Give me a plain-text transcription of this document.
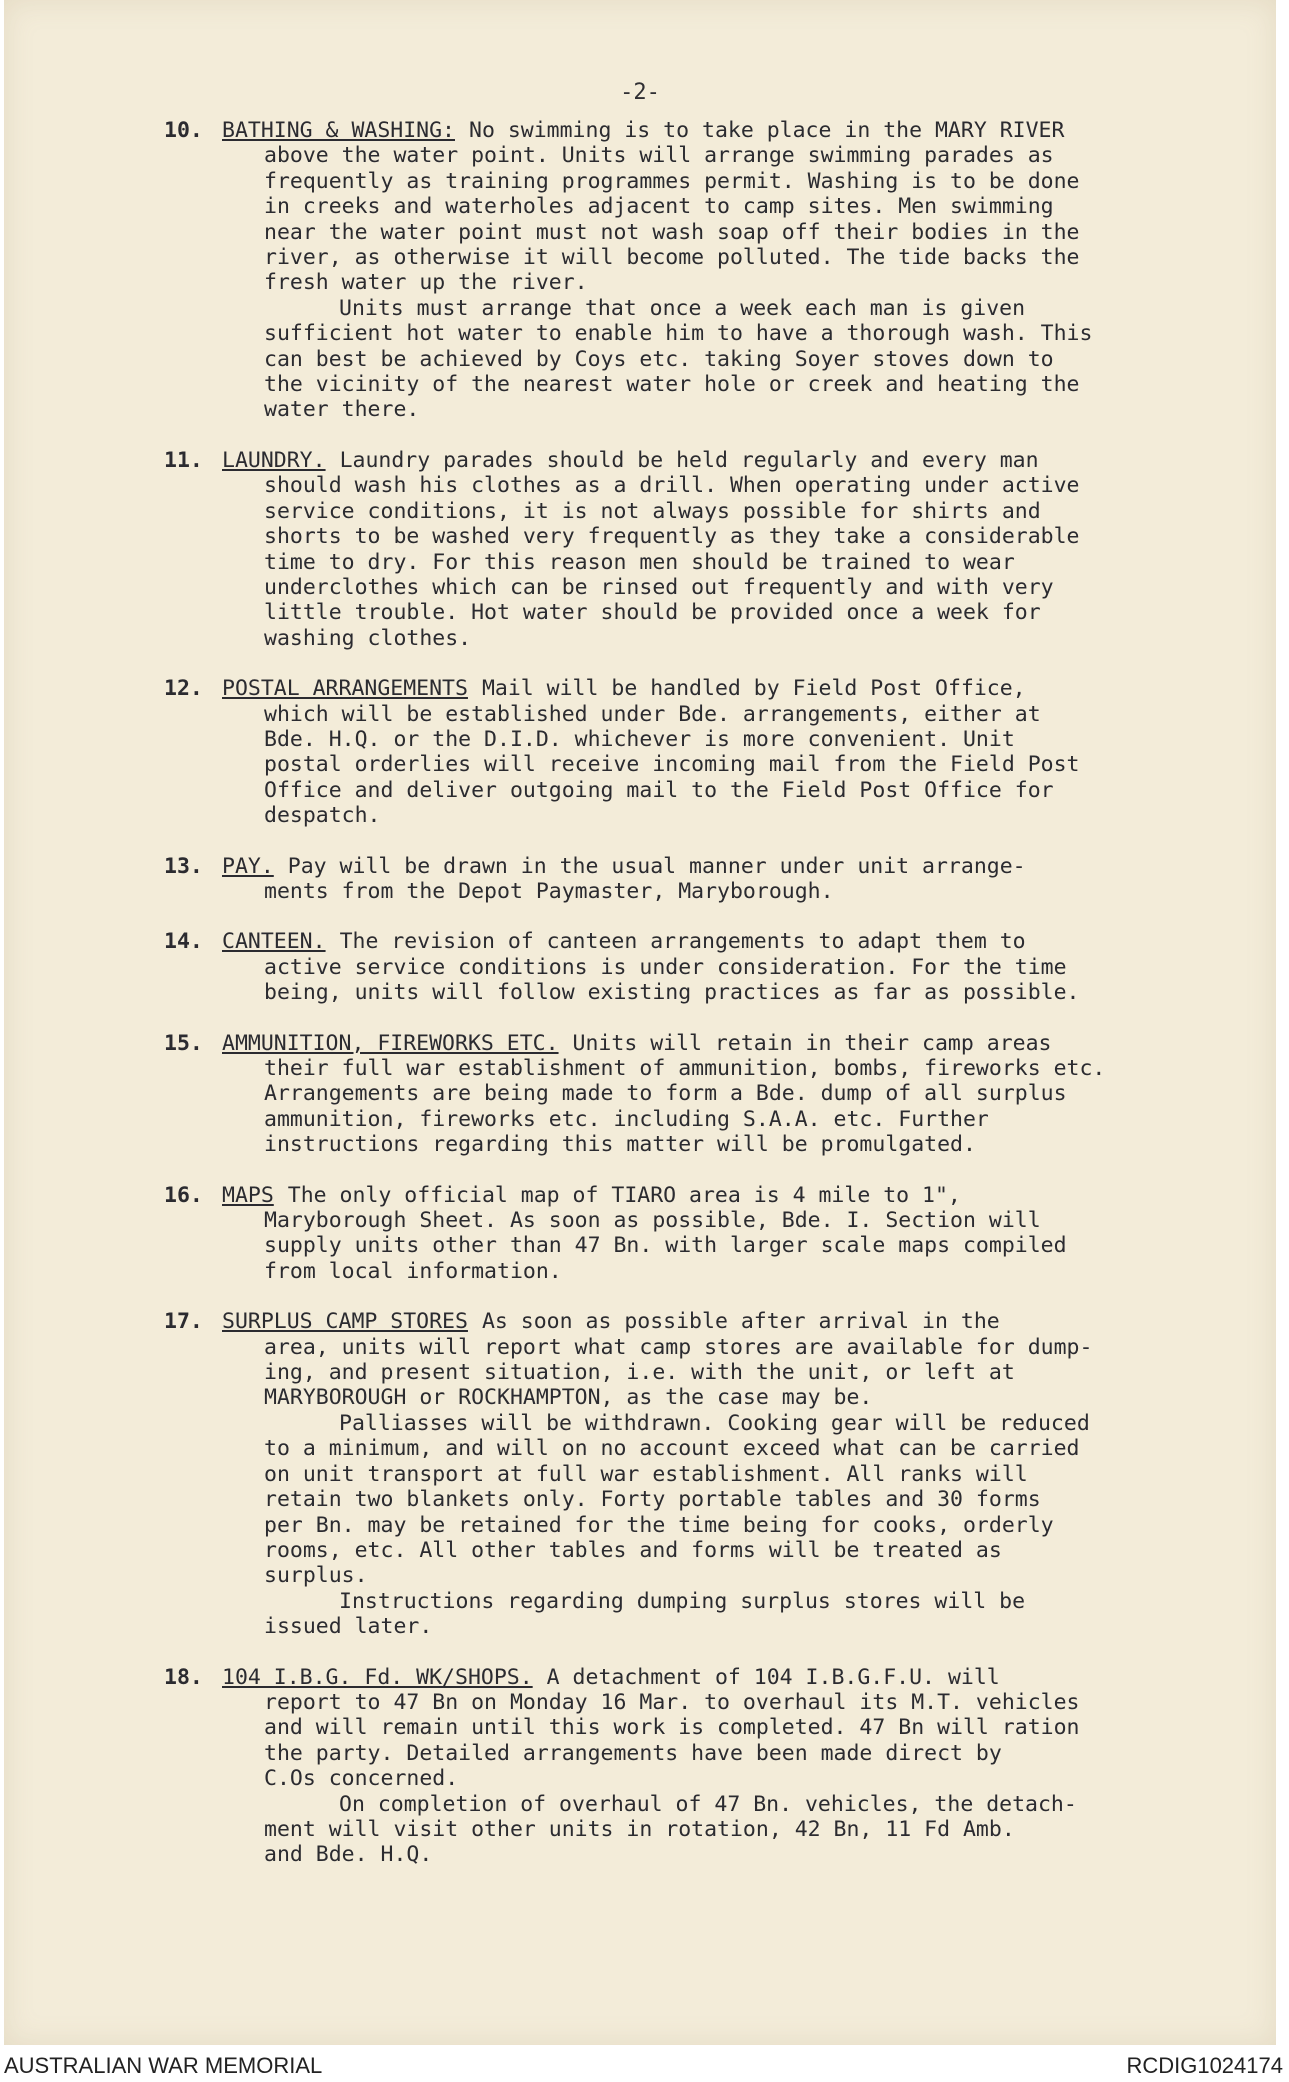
-2-
10. BATHING & WASHING: No swimming is to take place in the MARY RIVER
above the water point. Units will arrange swimming parades as
frequently as training programmes permit. Washing is to be done
in creeks and waterholes adjacent to camp sites. Men swimming
near the water point must not wash soap off their bodies in the
river, as otherwise it will become polluted. The tide backs the
fresh water up the river.
Units must arrange that once a week each man is given
sufficient hot water to enable him to have a thorough wash. This
can best be achieved by Coys etc. taking Soyer stoves down to
the vicinity of the nearest water hole or creek and heating the
water there.
11. LAUNDRY. Laundry parades should be held regularly and every man
should wash his clothes as a drill. When operating under active
service conditions, it is not always possible for shirts and
shorts to be washed very frequently as they take a considerable
time to dry. For this reason men should be trained to wear
underclothes which can be rinsed out frequently and with very
little trouble. Hot water should be provided once a week for
washing clothes.
12. POSTAL ARRANGEMENTS Mail will be handled by Field Post Office,
which will be established under Bde. arrangements, either at
Bde. H.Q. or the D.I.D. whichever is more convenient. Unit
postal orderlies will receive incoming mail from the Field Post
Office and deliver outgoing mail to the Field Post Office for
despatch.
13. PAY. Pay will be drawn in the usual manner under unit arrange-
ments from the Depot Paymaster, Maryborough.
14. CANTEEN. The revision of canteen arrangements to adapt them to
active service conditions is under consideration. For the time
being, units will follow existing practices as far as possible.
15. AMMUNITION, FIREWORKS ETC. Units will retain in their camp areas
their full war establishment of ammunition, bombs, fireworks etc.
Arrangements are being made to form a Bde. dump of all surplus
ammunition, fireworks etc. including S.A.A. etc. Further
instructions regarding this matter will be promulgated.
16. MAPS The only official map of TIARO area is 4 mile to 1",
Maryborough Sheet. As soon as possible, Bde. I. Section will
supply units other than 47 Bn. with larger scale maps compiled
from local information.
17. SURPLUS CAMP STORES As soon as possible after arrival in the
area, units will report what camp stores are available for dump-
ing, and present situation, i.e. with the unit, or left at
MARYBOROUGH or ROCKHAMPTON, as the case may be.
Palliasses will be withdrawn. Cooking gear will be reduced
to a minimum, and will on no account exceed what can be carried
on unit transport at full war establishment. All ranks will
retain two blankets only. Forty portable tables and 30 forms
per Bn. may be retained for the time being for cooks, orderly
rooms, etc. All other tables and forms will be treated as
surplus.
Instructions regarding dumping surplus stores will be
issued later.
18. 104 I.B.G. Fd. WK/SHOPS. A detachment of 104 I.B.G.F.U. will
report to 47 Bn on Monday 16 Mar. to overhaul its M.T. vehicles
and will remain until this work is completed. 47 Bn will ration
the party. Detailed arrangements have been made direct by
C.Os concerned.
On completion of overhaul of 47 Bn. vehicles, the detach-
ment will visit other units in rotation, 42 Bn, 11 Fd Amb.
and Bde. H.Q.
AUSTRALIAN WAR MEMORIAL	RCDIG1024174
